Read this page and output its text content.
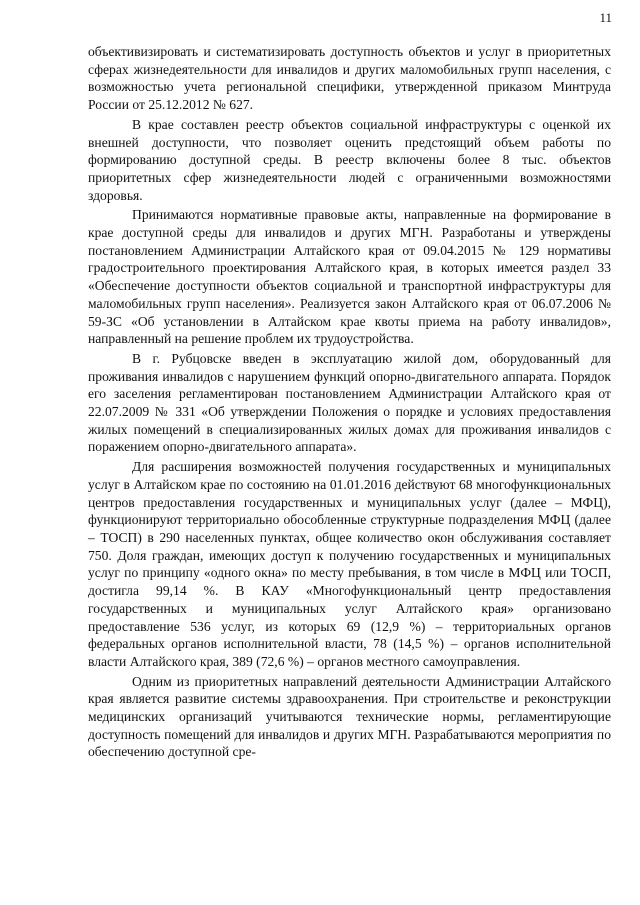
11

объективизировать и систематизировать доступность объектов и услуг в приоритетных сферах жизнедеятельности для инвалидов и других маломобильных групп населения, с возможностью учета региональной специфики, утвержденной приказом Минтруда России от 25.12.2012 № 627.

В крае составлен реестр объектов социальной инфраструктуры с оценкой их внешней доступности, что позволяет оценить предстоящий объем работы по формированию доступной среды. В реестр включены более 8 тыс. объектов приоритетных сфер жизнедеятельности людей с ограниченными возможностями здоровья.

Принимаются нормативные правовые акты, направленные на формирование в крае доступной среды для инвалидов и других МГН. Разработаны и утверждены постановлением Администрации Алтайского края от 09.04.2015 № 129 нормативы градостроительного проектирования Алтайского края, в которых имеется раздел 33 «Обеспечение доступности объектов социальной и транспортной инфраструктуры для маломобильных групп населения». Реализуется закон Алтайского края от 06.07.2006 № 59-ЗС «Об установлении в Алтайском крае квоты приема на работу инвалидов», направленный на решение проблем их трудоустройства.

В г. Рубцовске введен в эксплуатацию жилой дом, оборудованный для проживания инвалидов с нарушением функций опорно-двигательного аппарата. Порядок его заселения регламентирован постановлением Администрации Алтайского края от 22.07.2009 № 331 «Об утверждении Положения о порядке и условиях предоставления жилых помещений в специализированных жилых домах для проживания инвалидов с поражением опорно-двигательного аппарата».

Для расширения возможностей получения государственных и муниципальных услуг в Алтайском крае по состоянию на 01.01.2016 действуют 68 многофункциональных центров предоставления государственных и муниципальных услуг (далее – МФЦ), функционируют территориально обособленные структурные подразделения МФЦ (далее – ТОСП) в 290 населенных пунктах, общее количество окон обслуживания составляет 750. Доля граждан, имеющих доступ к получению государственных и муниципальных услуг по принципу «одного окна» по месту пребывания, в том числе в МФЦ или ТОСП, достигла 99,14 %. В КАУ «Многофункциональный центр предоставления государственных и муниципальных услуг Алтайского края» организовано предоставление 536 услуг, из которых 69 (12,9 %) – территориальных органов федеральных органов исполнительной власти, 78 (14,5 %) – органов исполнительной власти Алтайского края, 389 (72,6 %) – органов местного самоуправления.

Одним из приоритетных направлений деятельности Администрации Алтайского края является развитие системы здравоохранения. При строительстве и реконструкции медицинских организаций учитываются технические нормы, регламентирующие доступность помещений для инвалидов и других МГН. Разрабатываются мероприятия по обеспечению доступной сре-
